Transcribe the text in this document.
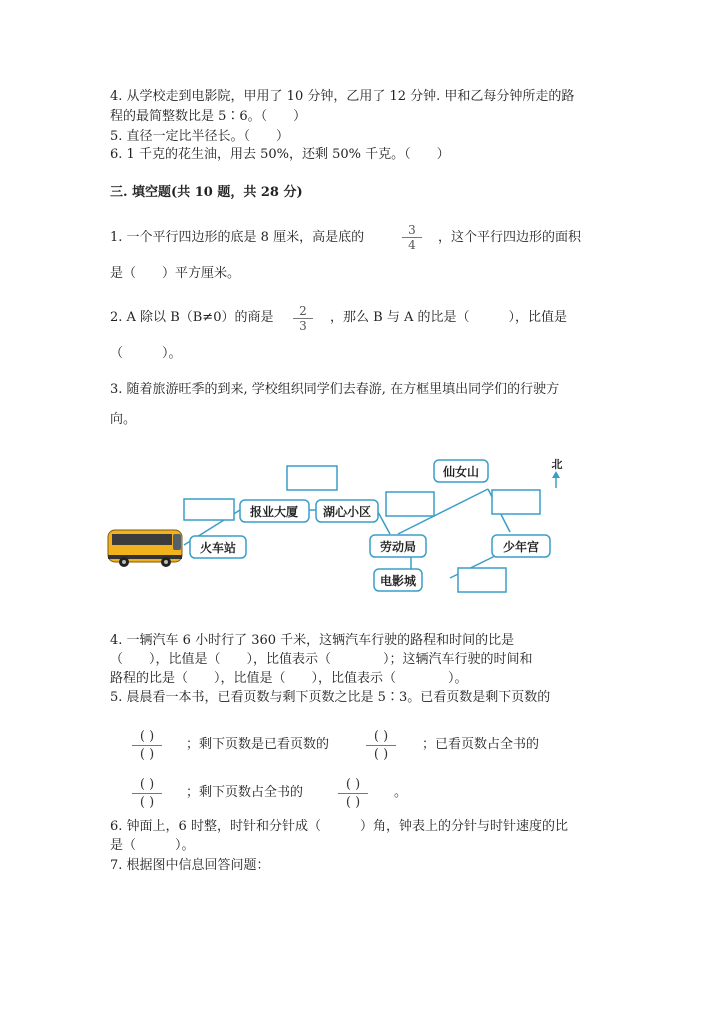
4. 从学校走到电影院，甲用了 10 分钟，乙用了 12 分钟. 甲和乙每分钟所走的路
程的最简整数比是 5∶6。（　　）
5. 直径一定比半径长。（　　）
6. 1 千克的花生油，用去 50%，还剩 50% 千克。（　　）
三. 填空题(共 10 题，共 28 分)
1. 一个平行四边形的底是 8 厘米，高是底的	$\frac{3}{4}$ ，这个平行四边形的面积
是（　　）平方厘米。
2. A 除以 B（B≠0）的商是 $\frac{2}{3}$ ，那么 B 与 A 的比是（　　　），比值是
（　　　）。
3. 随着旅游旺季的到来, 学校组织同学们去春游, 在方框里填出同学们的行驶方
向。
报业大厦 湖心小区
火车站	劳动局
电影城
仙女山
少年宫
北
4. 一辆汽车 6 小时行了 360 千米，这辆汽车行驶的路程和时间的比是
（　　），比值是（　　），比值表示（　　　　）；这辆汽车行驶的时间和
路程的比是（　　），比值是（　　），比值表示（　　　　）。
5. 晨晨看一本书，已看页数与剩下页数之比是 5∶3。已看页数是剩下页数的
( )
( )
；剩下页数是已看页数的
( )
( )
；已看页数占全书的
( )
( )
；剩下页数占全书的
( )
( )
。
6. 钟面上，6 时整，时针和分针成（　　　）角，钟表上的分针与时针速度的比
是（　　　）。
7. 根据图中信息回答问题：
